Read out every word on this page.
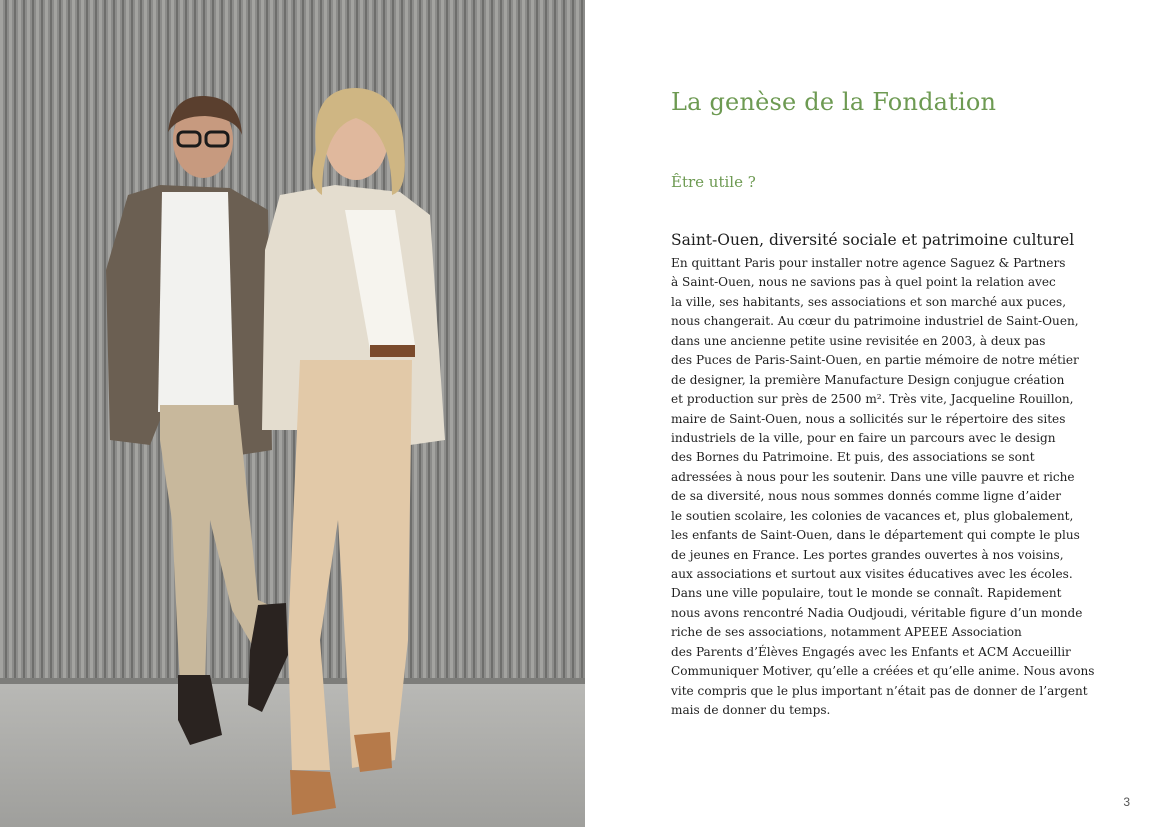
La genèse de la Fondation
Être utile ?
Saint-Ouen, diversité sociale et patrimoine culturel
En quittant Paris pour installer notre agence Saguez & Partners
à Saint-Ouen, nous ne savions pas à quel point la relation avec
la ville, ses habitants, ses associations et son marché aux puces,
nous changerait. Au cœur du patrimoine industriel de Saint-Ouen,
dans une ancienne petite usine revisitée en 2003, à deux pas
des Puces de Paris-Saint-Ouen, en partie mémoire de notre métier
de designer, la première Manufacture Design conjugue création
et production sur près de 2500 m². Très vite, Jacqueline Rouillon,
maire de Saint-Ouen, nous a sollicités sur le répertoire des sites
industriels de la ville, pour en faire un parcours avec le design
des Bornes du Patrimoine. Et puis, des associations se sont
adressées à nous pour les soutenir. Dans une ville pauvre et riche
de sa diversité, nous nous sommes donnés comme ligne d’aider
le soutien scolaire, les colonies de vacances et, plus globalement,
les enfants de Saint-Ouen, dans le département qui compte le plus
de jeunes en France. Les portes grandes ouvertes à nos voisins,
aux associations et surtout aux visites éducatives avec les écoles.
Dans une ville populaire, tout le monde se connaît. Rapidement
nous avons rencontré Nadia Oudjoudi, véritable figure d’un monde
riche de ses associations, notamment APEEE Association
des Parents d’Élèves Engagés avec les Enfants et ACM Accueillir
Communiquer Motiver, qu’elle a créées et qu’elle anime. Nous avons
vite compris que le plus important n’était pas de donner de l’argent
mais de donner du temps.
3
